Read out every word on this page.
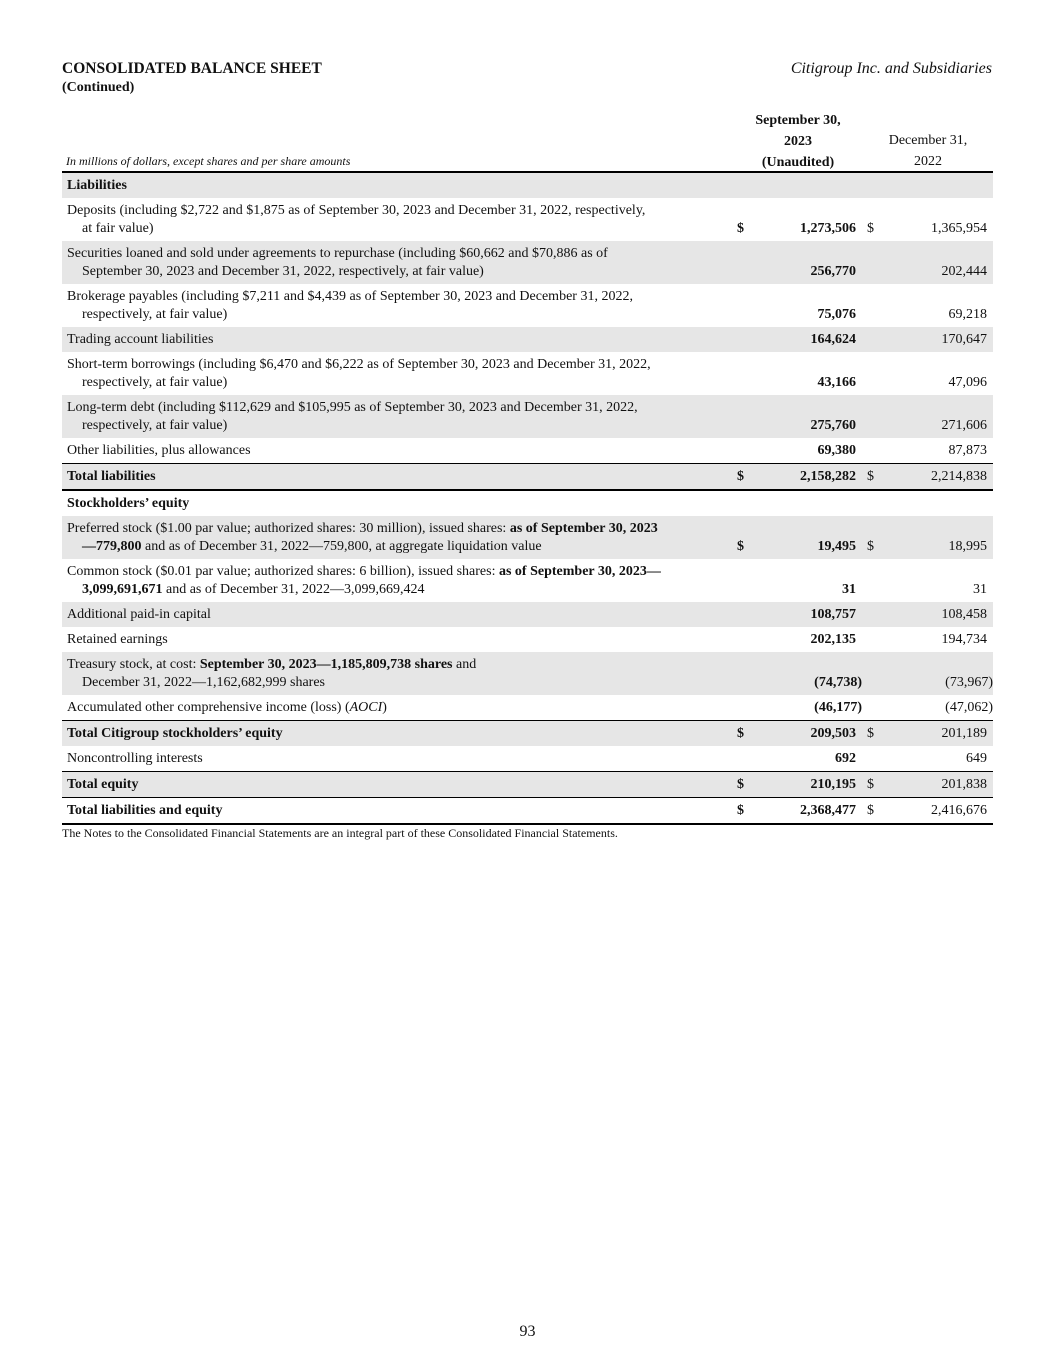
CONSOLIDATED BALANCE SHEET
(Continued)
Citigroup Inc. and Subsidiaries
September 30,
2023
(Unaudited)
December 31,
2022
In millions of dollars, except shares and per share amounts
Liabilities
Deposits (including $2,722 and $1,875 as of September 30, 2023 and December 31, 2022, respectively,
at fair value)	$	1,273,506 $	1,365,954
Securities loaned and sold under agreements to repurchase (including $60,662 and $70,886 as of
September 30, 2023 and December 31, 2022, respectively, at fair value)	256,770	202,444
Brokerage payables (including $7,211 and $4,439 as of September 30, 2023 and December 31, 2022,
respectively, at fair value)	75,076	69,218
Trading account liabilities	164,624	170,647
Short-term borrowings (including $6,470 and $6,222 as of September 30, 2023 and December 31, 2022,
respectively, at fair value)	43,166	47,096
Long-term debt (including $112,629 and $105,995 as of September 30, 2023 and December 31, 2022,
respectively, at fair value)	275,760	271,606
Other liabilities, plus allowances	69,380	87,873
Total liabilities	$	2,158,282 $	2,214,838
Stockholders’ equity
Preferred stock ($1.00 par value; authorized shares: 30 million), issued shares: as of September 30, 2023
—779,800 and as of December 31, 2022—759,800, at aggregate liquidation value	$	19,495 $	18,995
Common stock ($0.01 par value; authorized shares: 6 billion), issued shares: as of September 30, 2023—
3,099,691,671 and as of December 31, 2022—3,099,669,424	31	31
Additional paid-in capital	108,757	108,458
Retained earnings	202,135	194,734
Treasury stock, at cost: September 30, 2023—1,185,809,738 shares and
December 31, 2022—1,162,682,999 shares	(74,738)	(73,967)
Accumulated other comprehensive income (loss) (AOCI)	(46,177)	(47,062)
Total Citigroup stockholders’ equity	$	209,503 $	201,189
Noncontrolling interests	692	649
Total equity	$	210,195 $	201,838
Total liabilities and equity	$	2,368,477 $	2,416,676
The Notes to the Consolidated Financial Statements are an integral part of these Consolidated Financial Statements.
93
